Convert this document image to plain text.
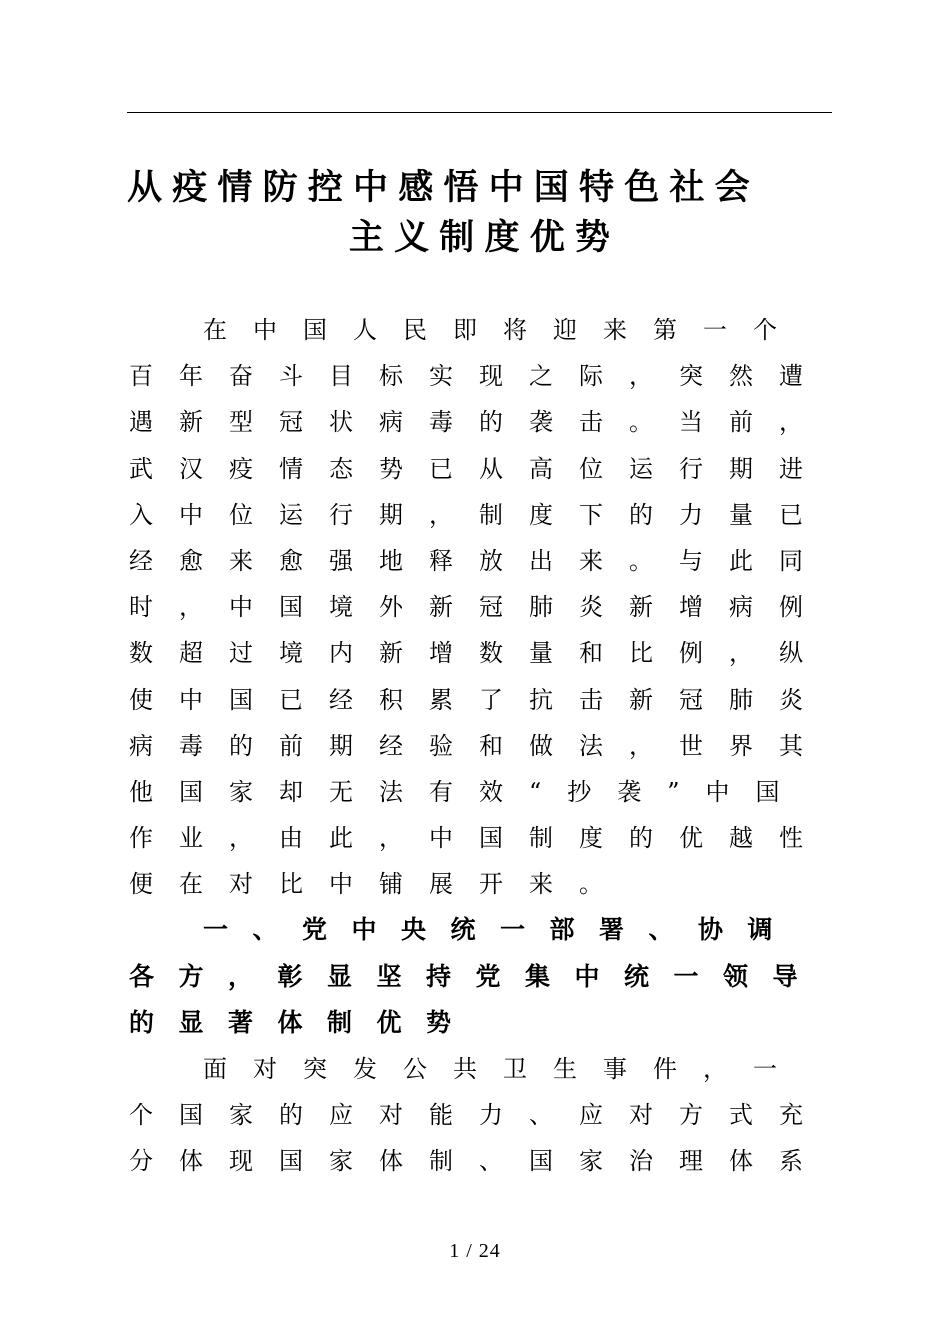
从疫情防控中感悟中国特色社会
主义制度优势
在中国人民即将迎来第一个
百年奋斗目标实现之际，突然遭
遇新型冠状病毒的袭击。当前，
武汉疫情态势已从高位运行期进
入中位运行期，制度下的力量已
经愈来愈强地释放出来。与此同
时，中国境外新冠肺炎新增病例
数超过境内新增数量和比例，纵
使中国已经积累了抗击新冠肺炎
病毒的前期经验和做法，世界其
他国家却无法有效“抄袭”中国
作业，由此，中国制度的优越性
便在对比中铺展开来。
一、党中央统一部署、协调
各方，彰显坚持党集中统一领导
的显著体制优势
面对突发公共卫生事件，一
个国家的应对能力、应对方式充
分体现国家体制、国家治理体系
1 / 24
